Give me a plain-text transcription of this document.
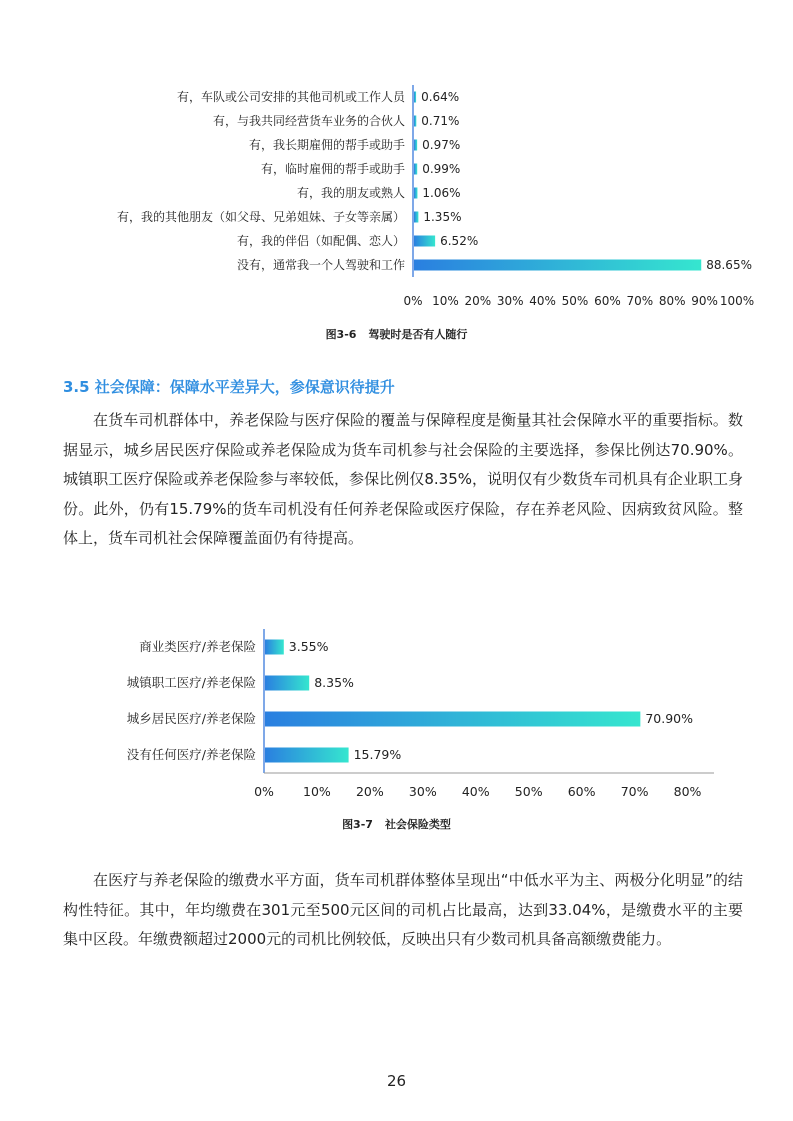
有，车队或公司安排的其他司机或工作人员 0.64%
有，与我共同经营货车业务的合伙人 0.71%
有，我长期雇佣的帮手或助手 0.97%
有，临时雇佣的帮手或助手 0.99%
有，我的朋友或熟人 1.06%
有，我的其他朋友（如父母、兄弟姐妹、子女等亲属） 1.35%
有，我的伴侣（如配偶、恋人）	6.52%
没有，通常我一个人驾驶和工作	88.65%
0% 10% 20% 30% 40% 50% 60% 70% 80% 90% 100%
图3-6 驾驶时是否有人随行
3.5 社会保障：保障水平差异大，参保意识待提升

在货车司机群体中，养老保险与医疗保险的覆盖与保障程度是衡量其社会保障水平的重要指标。数据显示，城乡居民医疗保险或养老保险成为货车司机参与社会保险的主要选择，参保比例达70.90%。城镇职工医疗保险或养老保险参与率较低，参保比例仅8.35%，说明仅有少数货车司机具有企业职工身份。此外，仍有15.79%的货车司机没有任何养老保险或医疗保险，存在养老风险、因病致贫风险。整体上，货车司机社会保障覆盖面仍有待提高。

商业类医疗/养老保险	3.55%
城镇职工医疗/养老保险	8.35%
城乡居民医疗/养老保险	70.90%
没有任何医疗/养老保险	15.79%
0% 10% 20% 30% 40% 50% 60% 70% 80%
图3-7 社会保险类型

在医疗与养老保险的缴费水平方面，货车司机群体整体呈现出“中低水平为主、两极分化明显”的结构性特征。其中，年均缴费在301元至500元区间的司机占比最高，达到33.04%，是缴费水平的主要集中区段。年缴费额超过2000元的司机比例较低，反映出只有少数司机具备高额缴费能力。

26
